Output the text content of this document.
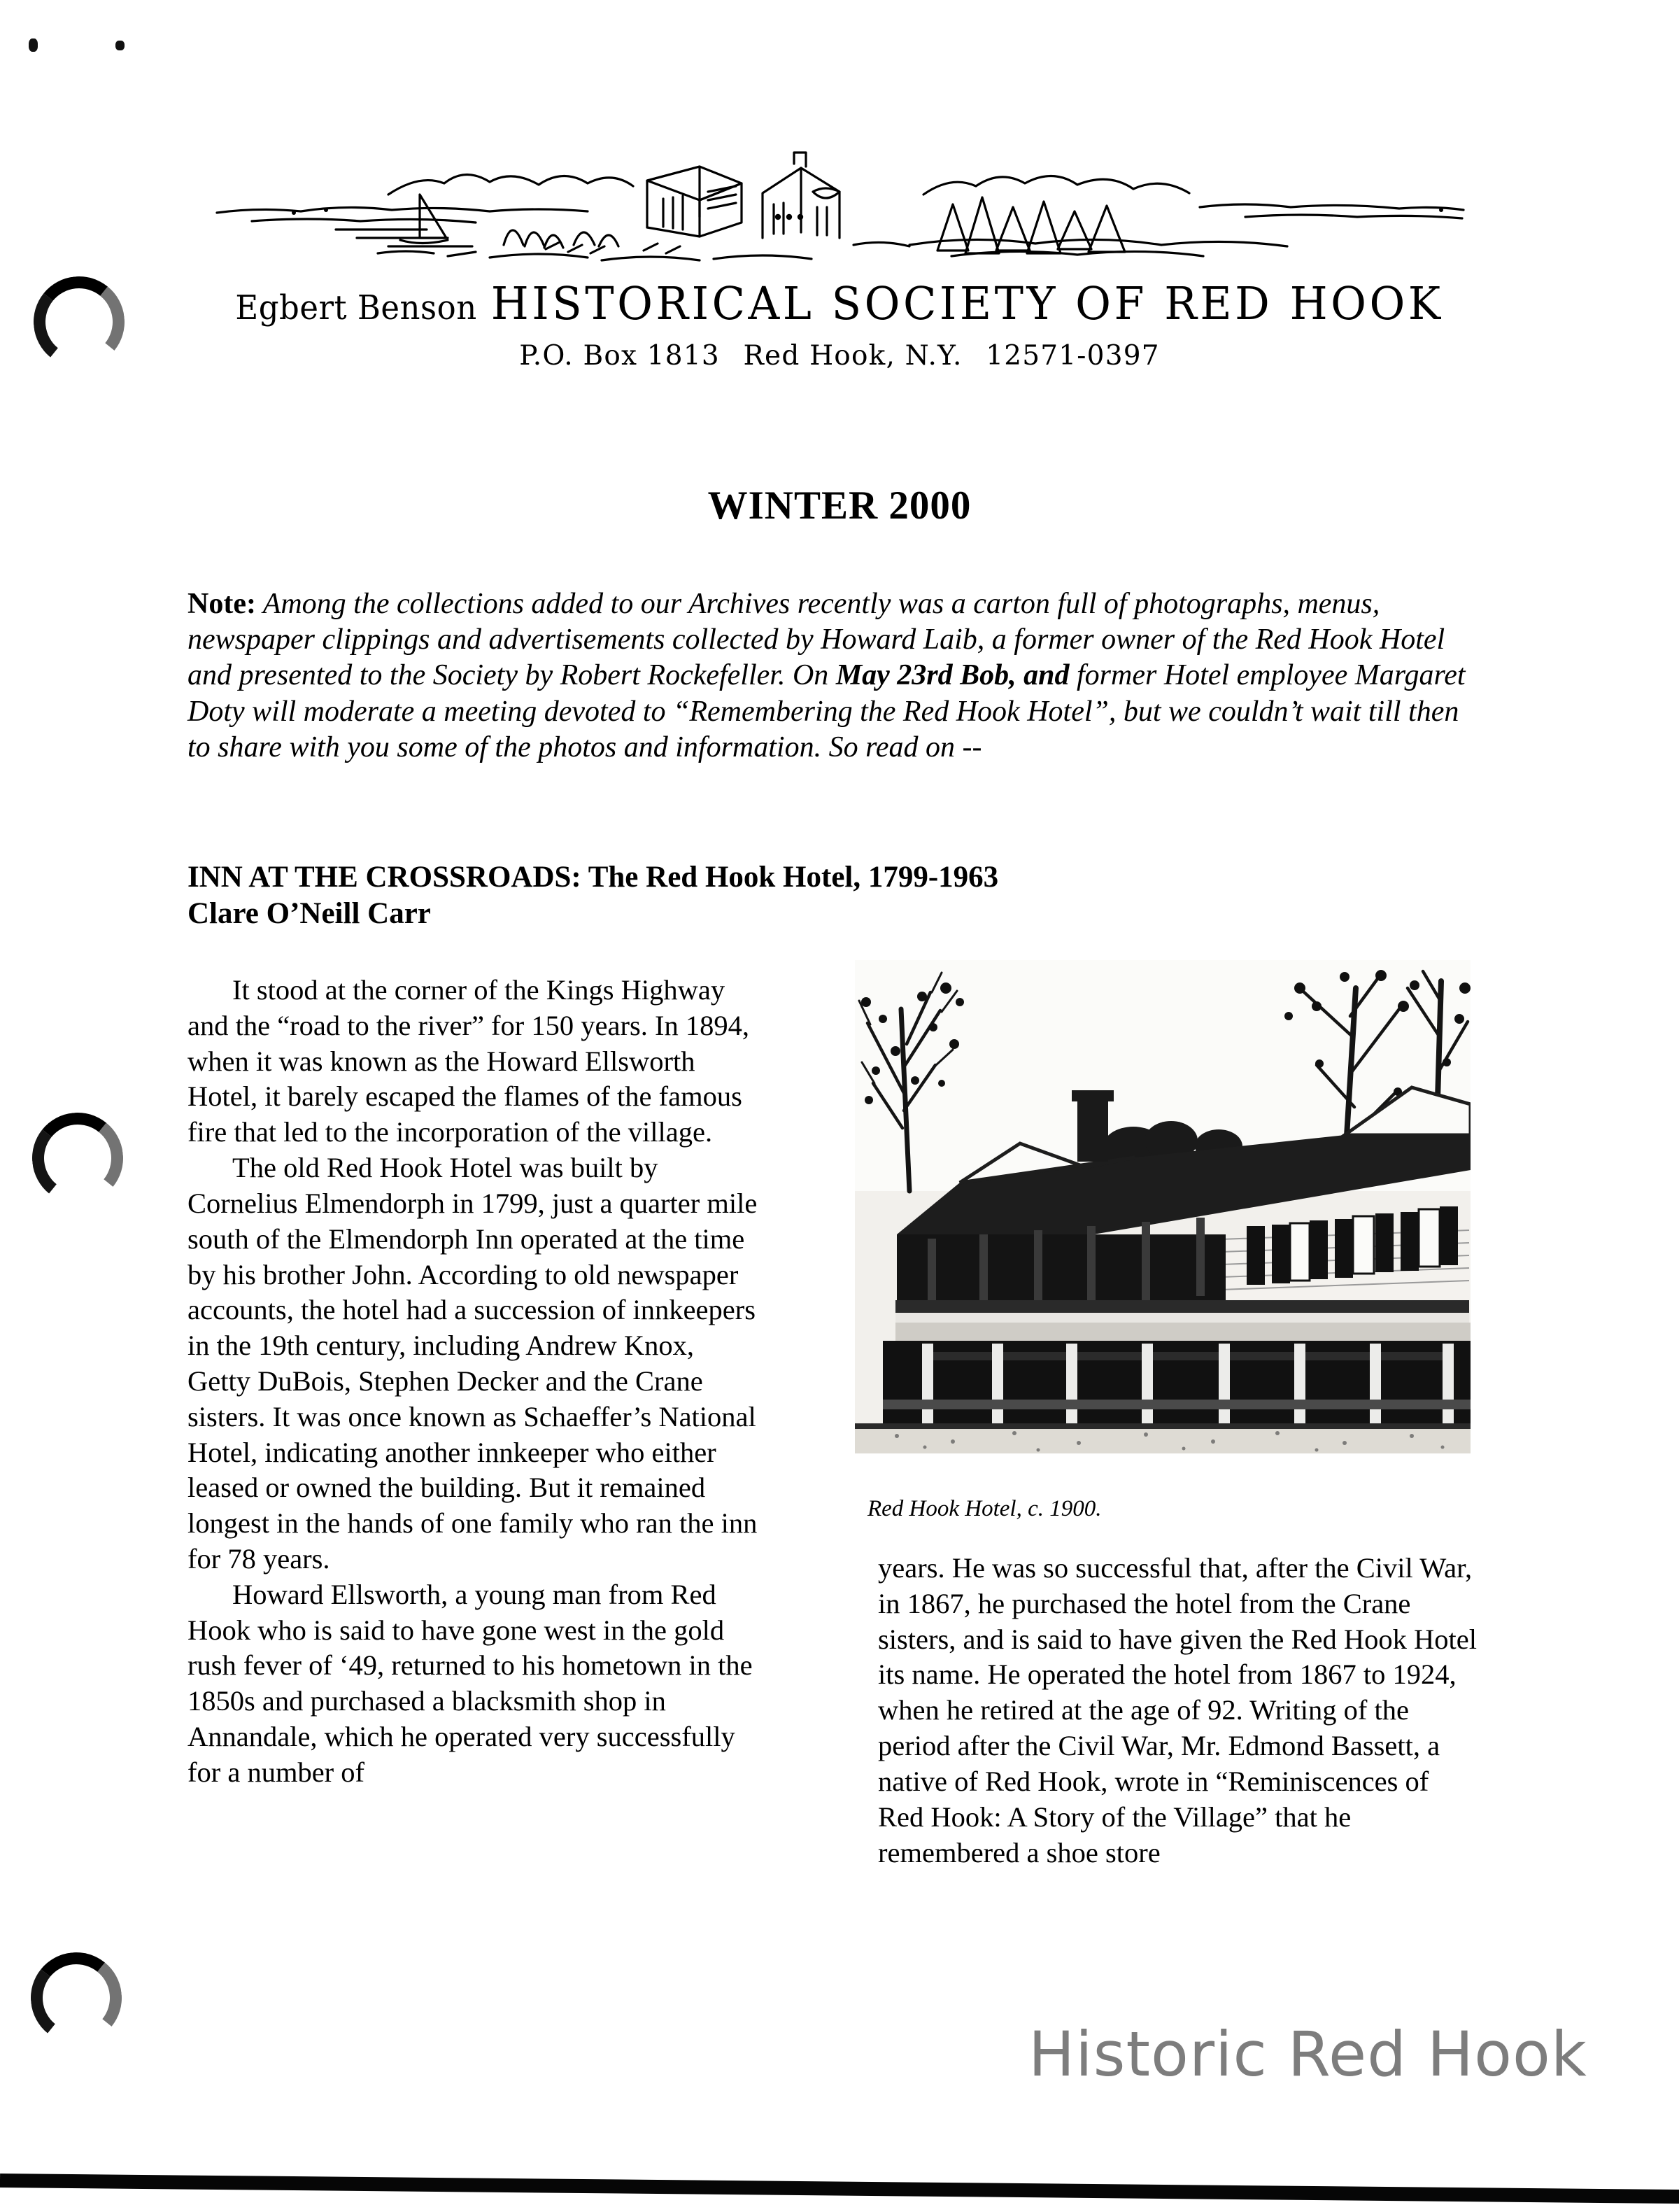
Egbert Benson HISTORICAL SOCIETY OF RED HOOK
P.O. Box 1813 Red Hook, N.Y. 12571-0397
WINTER 2000
Note: Among the collections added to our Archives recently was a carton full of photographs, menus, newspaper clippings and advertisements collected by Howard Laib, a former owner of the Red Hook Hotel and presented to the Society by Robert Rockefeller. On May 23rd Bob, and former Hotel employee Margaret Doty will moderate a meeting devoted to “Remembering the Red Hook Hotel”, but we couldn’t wait till then to share with you some of the photos and information. So read on --
INN AT THE CROSSROADS: The Red Hook Hotel, 1799-1963
Clare O’Neill Carr
Red Hook Hotel, c. 1900.

It stood at the corner of the Kings Highway and the “road to the river” for 150 years. In 1894, when it was known as the Howard Ellsworth Hotel, it barely escaped the flames of the famous fire that led to the incorporation of the village.

The old Red Hook Hotel was built by Cornelius Elmendorph in 1799, just a quarter mile south of the Elmendorph Inn operated at the time by his brother John. According to old newspaper accounts, the hotel had a succession of innkeepers in the 19th century, including Andrew Knox, Getty DuBois, Stephen Decker and the Crane sisters. It was once known as Schaeffer’s National Hotel, indicating another innkeeper who either leased or owned the building. But it remained longest in the hands of one family who ran the inn for 78 years.

Howard Ellsworth, a young man from Red Hook who is said to have gone west in the gold rush fever of ‘49, returned to his hometown in the 1850s and purchased a blacksmith shop in Annandale, which he operated very successfully for a number of

years. He was so successful that, after the Civil War, in 1867, he purchased the hotel from the Crane sisters, and is said to have given the Red Hook Hotel its name. He operated the hotel from 1867 to 1924, when he retired at the age of 92. Writing of the period after the Civil War, Mr. Edmond Bassett, a native of Red Hook, wrote in “Reminiscences of Red Hook: A Story of the Village” that he remembered a shoe store

Historic Red Hook
